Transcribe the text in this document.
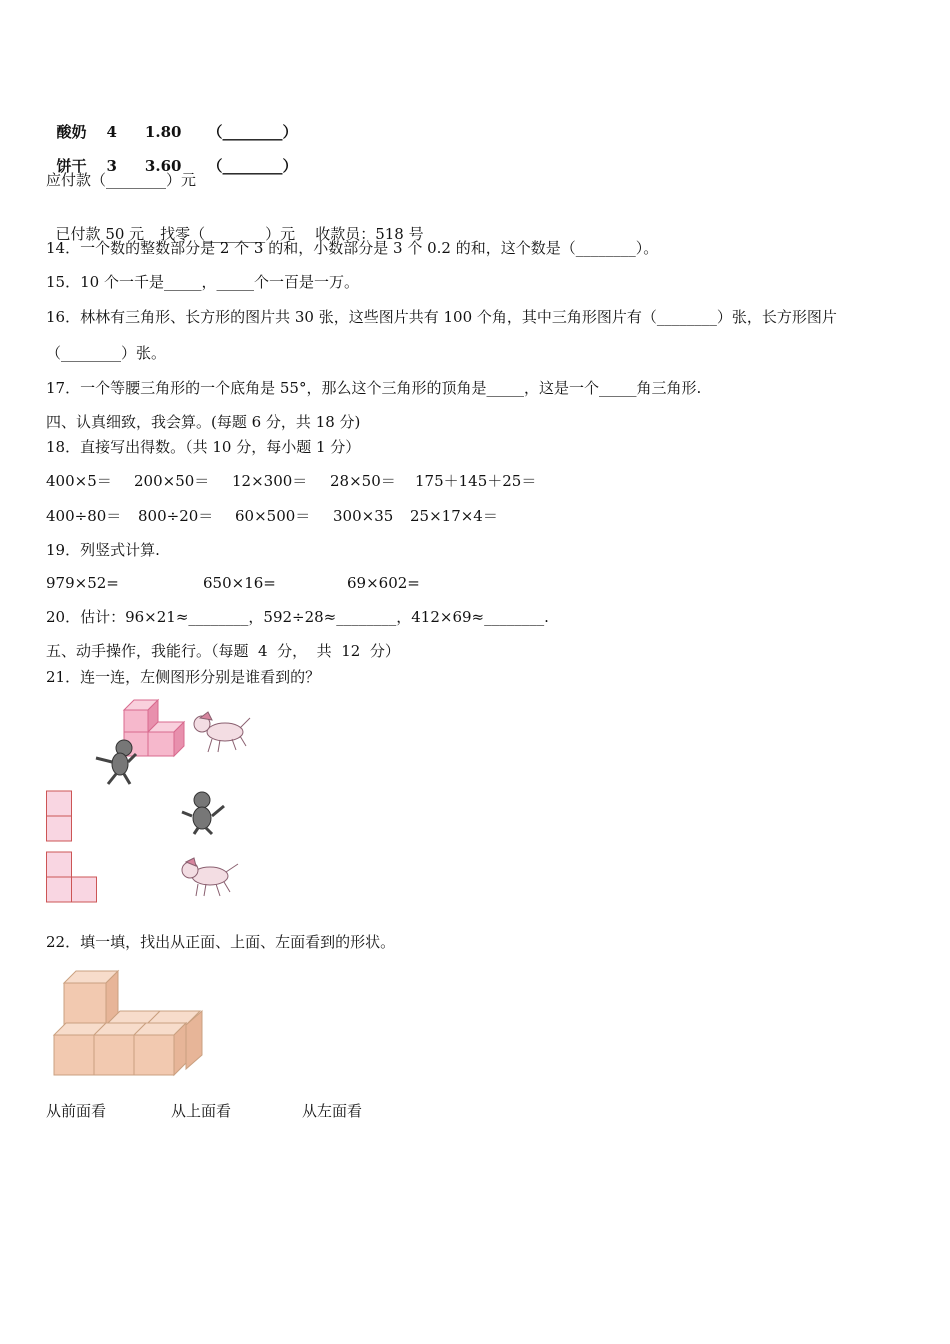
酸奶 4 1.80 （________）

饼干 3 3.60 （________）

应付款（________）元

已付款 50 元 找零（________）元 收款员：518 号

14．一个数的整数部分是 2 个 3 的和，小数部分是 3 个 0.2 的和，这个数是（________）。
15．10 个一千是_____，_____个一百是一万。
16．林林有三角形、长方形的图片共 30 张，这些图片共有 100 个角，其中三角形图片有（________）张，长方形图片
（________）张。
17．一个等腰三角形的一个底角是 55°，那么这个三角形的顶角是_____，这是一个_____角三角形.
四、认真细致，我会算。(每题 6 分，共 18 分)
18．直接写出得数。（共 10 分，每小题 1 分）
400×5＝ 200×50＝ 12×300＝ 28×50＝ 175＋145＋25＝
400÷80＝ 800÷20＝ 60×500＝ 300×35 25×17×4＝
19．列竖式计算.
979×52=	650×16=	69×602=
20．估计：96×21≈________，592÷28≈________，412×69≈________.
五、动手操作，我能行。（每题  4  分，  共  12  分）
21．连一连，左侧图形分别是谁看到的？
22．填一填，找出从正面、上面、左面看到的形状。
从前面看	从上面看	从左面看
